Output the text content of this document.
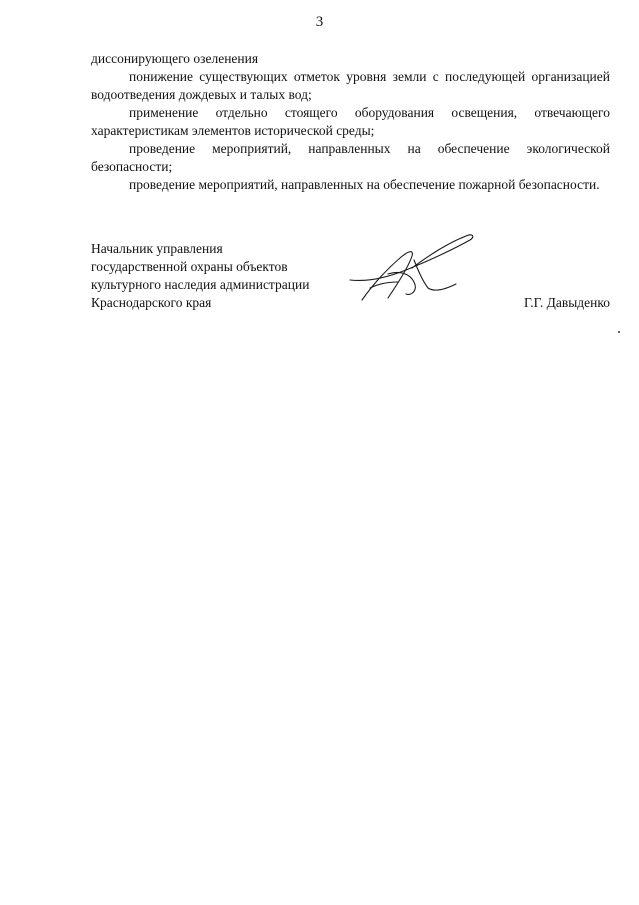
3

диссонирующего озеленения

понижение существующих отметок уровня земли с последующей организацией водоотведения дождевых и талых вод;

применение отдельно стоящего оборудования освещения, отвечающего характеристикам элементов исторической среды;

проведение мероприятий, направленных на обеспечение экологической безопасности;

проведение мероприятий, направленных на обеспечение пожарной безопасности.

Начальник управления
государственной охраны объектов
культурного наследия администрации
Краснодарского края	Г.Г. Давыденко
